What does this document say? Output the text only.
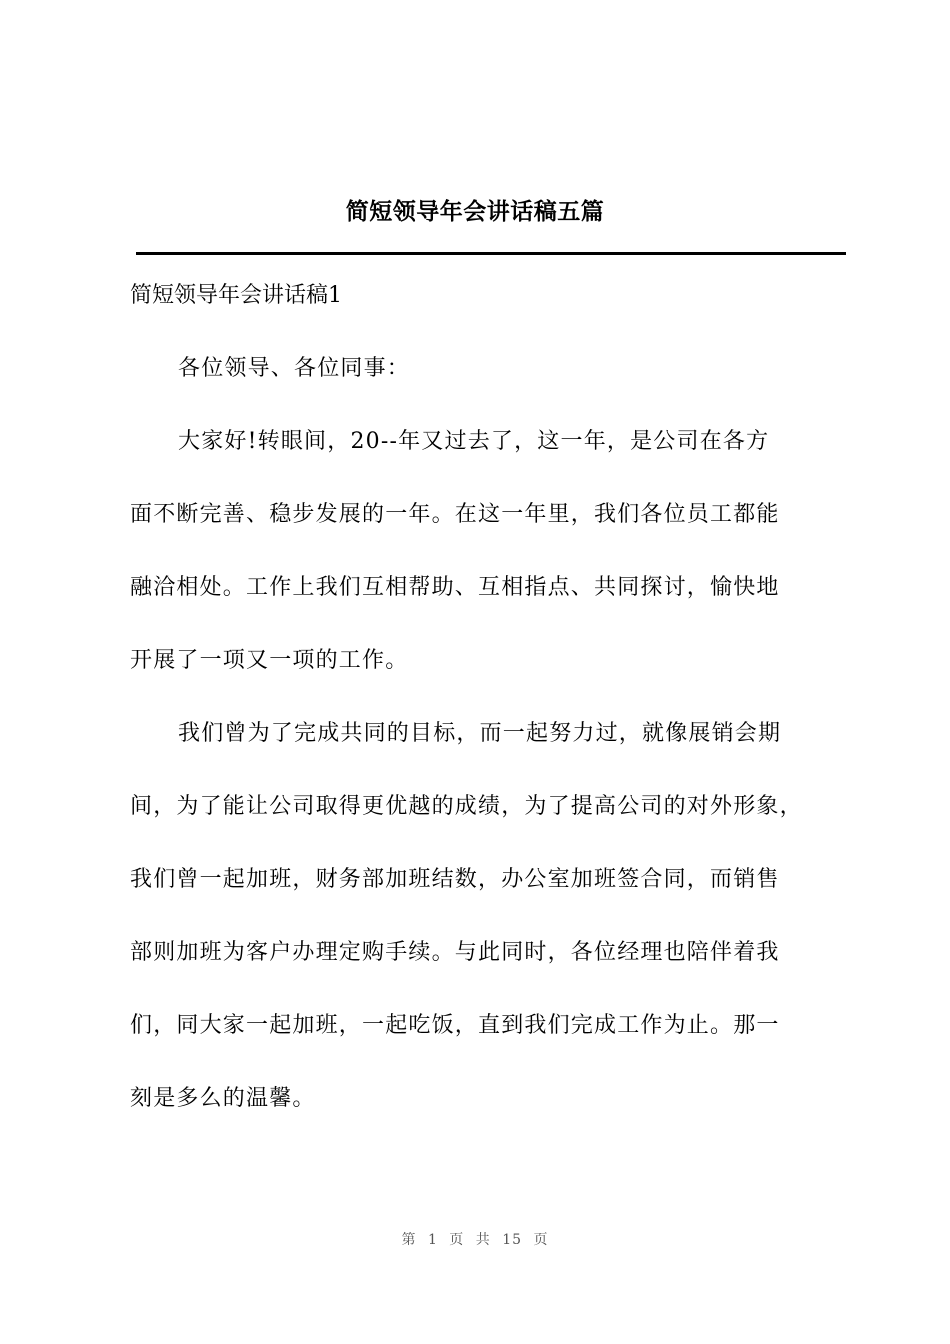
简短领导年会讲话稿五篇
简短领导年会讲话稿1
各位领导、各位同事：
大家好!转眼间，20--年又过去了，这一年，是公司在各方
面不断完善、稳步发展的一年。在这一年里，我们各位员工都能
融洽相处。工作上我们互相帮助、互相指点、共同探讨，愉快地
开展了一项又一项的工作。
我们曾为了完成共同的目标，而一起努力过，就像展销会期
间，为了能让公司取得更优越的成绩，为了提高公司的对外形象，
我们曾一起加班，财务部加班结数，办公室加班签合同，而销售
部则加班为客户办理定购手续。与此同时，各位经理也陪伴着我
们，同大家一起加班，一起吃饭，直到我们完成工作为止。那一
刻是多么的温馨。
第 1 页 共 15 页
